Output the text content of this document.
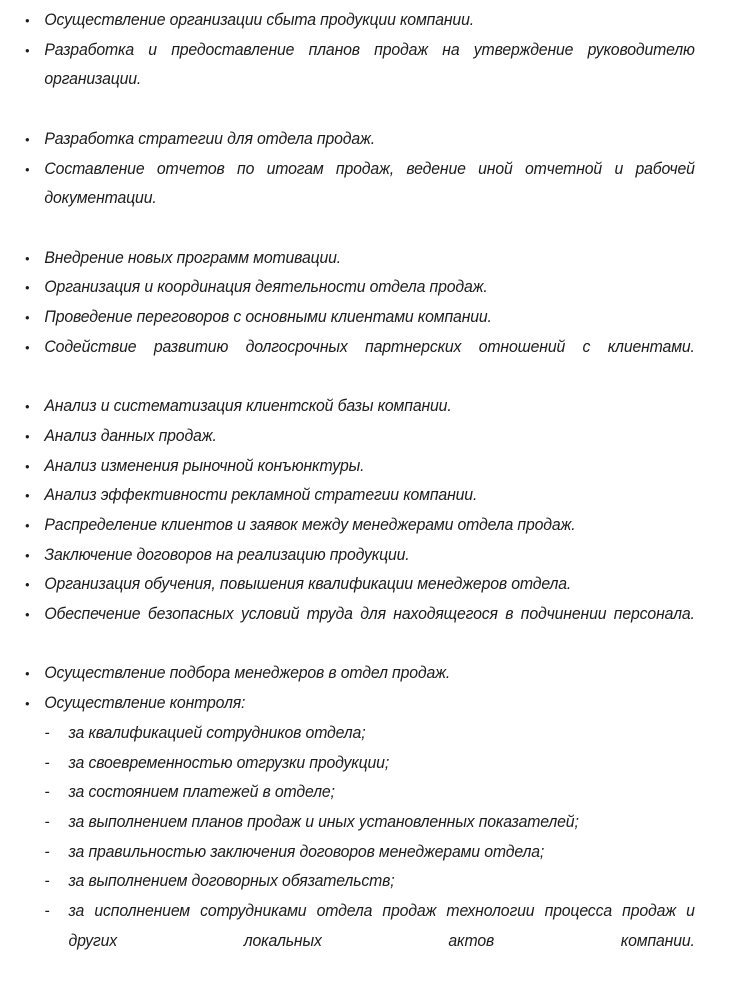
• Осуществление организации сбыта продукции компании.
• Разработка и предоставление планов продаж на утверждение руководителю организации.
• Разработка стратегии для отдела продаж.
• Составление отчетов по итогам продаж, ведение иной отчетной и рабочей документации.
• Внедрение новых программ мотивации.
• Организация и координация деятельности отдела продаж.
• Проведение переговоров с основными клиентами компании.
• Содействие развитию долгосрочных партнерских отношений с клиентами.
• Анализ и систематизация клиентской базы компании.
• Анализ данных продаж.
• Анализ изменения рыночной конъюнктуры.
• Анализ эффективности рекламной стратегии компании.
• Распределение клиентов и заявок между менеджерами отдела продаж.
• Заключение договоров на реализацию продукции.
• Организация обучения, повышения квалификации менеджеров отдела.
• Обеспечение безопасных условий труда для находящегося в подчинении персонала.
• Осуществление подбора менеджеров в отдел продаж.
• Осуществление контроля:
- за квалификацией сотрудников отдела;
- за своевременностью отгрузки продукции;
- за состоянием платежей в отделе;
- за выполнением планов продаж и иных установленных показателей;
- за правильностью заключения договоров менеджерами отдела;
- за выполнением договорных обязательств;
- за исполнением сотрудниками отдела продаж технологии процесса продаж и других локальных актов компании.
